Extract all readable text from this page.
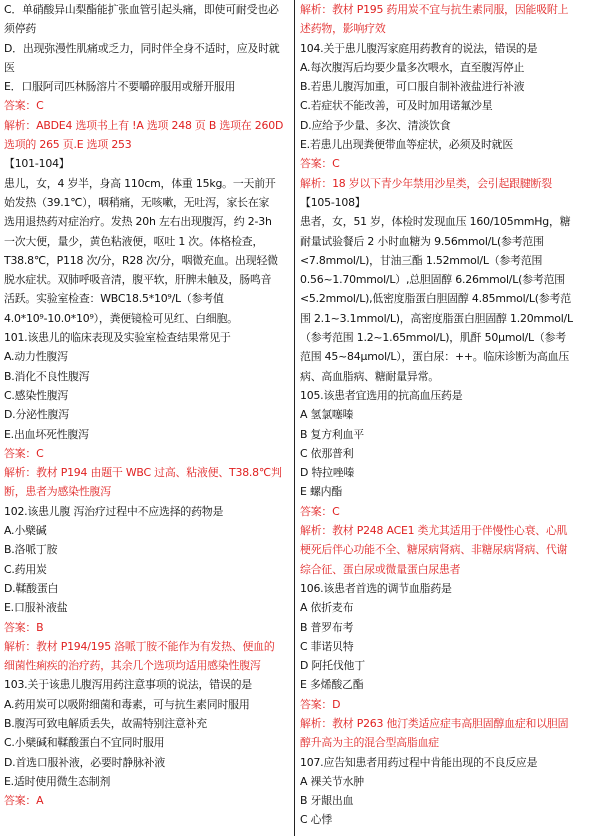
C．单硝酸异山梨酯能扩张血管引起头痛，即使可耐受也必
须停药
D．出现弥漫性肌痛或乏力，同时伴全身不适时，应及时就
医
E．口服阿司匹林肠溶片不要嚼碎服用或掰开服用
答案：C
解析：ABDE4 选项书上有 !A 选项 248 页 B 选项在 260D
选项的 265 页.E 选项 253
【101-104】
患儿，女，4 岁半，身高 110cm，体重 15kg。一天前开
始发热（39.1℃），咽稍痛，无咳嗽，无吐泻，家长在家
选用退热药对症治疗。发热 20h 左右出现腹泻，约 2-3h
一次大便，量少，黄色粘液便，呕吐 1 次。体格检查，
T38.8℃，P118 次/分，R28 次/分，咽微充血。出现轻微
脱水症状。双肺呼吸音清，腹平软，肝脾未触及，肠鸣音
活跃。实验室检查：WBC18.5*10⁹/L（参考值
4.0*10⁹-10.0*10⁹），粪便镜检可见红、白细胞。
101.该患儿的临床表现及实验室检查结果常见于
A.动力性腹泻
B.消化不良性腹泻
C.感染性腹泻
D.分泌性腹泻
E.出血坏死性腹泻
答案：C
解析：教材 P194 由题干 WBC 过高、粘液便、T38.8℃判
断，患者为感染性腹泻
102.该患儿腹 泻治疗过程中不应选择的药物是
A.小檗碱
B.洛哌丁胺
C.药用炭
D.鞣酸蛋白
E.口服补液盐
答案：B
解析：教材 P194/195 洛哌丁胺不能作为有发热、便血的
细菌性痢疾的治疗药，其余几个选项均适用感染性腹泻
103.关于该患儿腹泻用药注意事项的说法，错误的是
A.药用炭可以吸附细菌和毒素，可与抗生素同时服用
B.腹泻可致电解质丢失，故需特别注意补充
C.小檗碱和鞣酸蛋白不宜同时服用
D.首选口服补液，必要时静脉补液
E.适时使用微生态制剂
答案：A
解析：教材 P195 药用炭不宜与抗生素同服，因能吸附上
述药物，影响疗效
104.关于患儿腹泻家庭用药教育的说法，错误的是
A.每次腹泻后均要少量多次喂水，直至腹泻停止
B.若患儿腹泻加重，可口服自制补液盐进行补液
C.若症状不能改善，可及时加用诺氟沙星
D.应给予少量、多次、清淡饮食
E.若患儿出现粪便带血等症状，必须及时就医
答案：C
解析：18 岁以下青少年禁用沙星类，会引起跟腱断裂
【105-108】
患者，女，51 岁，体检时发现血压 160/105mmHg，糖
耐量试验餐后 2 小时血糖为 9.56mmol/L(参考范围
<7.8mmol/L)，甘油三酯 1.52mmol/L（参考范围
0.56~1.70mmol/L）,总胆固醇 6.26mmol/L(参考范围
<5.2mmol/L),低密度脂蛋白胆固醇 4.85mmol/L(参考范
围 2.1~3.1mmol/L)，高密度脂蛋白胆固醇 1.20mmol/L
（参考范围 1.2~1.65mmol/L)，肌酐 50μmol/L（参考
范围 45~84μmol/L），蛋白尿：++。临床诊断为高血压
病、高血脂病、糖耐量异常。
105.该患者宜选用的抗高血压药是
A 氢氯噻嗪
B 复方利血平
C 依那普利
D 特拉唑嗪
E 螺内酯
答案：C
解析：教材 P248 ACE1 类尤其适用于伴慢性心衰、心肌
梗死后伴心功能不全、糖尿病肾病、非糖尿病肾病、代谢
综合征、蛋白尿或微量蛋白尿患者
106.该患者首选的调节血脂药是
A 依折麦布
B 普罗布考
C 菲诺贝特
D 阿托伐他丁
E 多烯酸乙酯
答案：D
解析：教材 P263 他汀类适应症韦高胆固醇血症和以胆固
醇升高为主的混合型高脂血症
107.应告知患者用药过程中肯能出现的不良反应是
A 裸关节水肿
B 牙龈出血
C 心悸
